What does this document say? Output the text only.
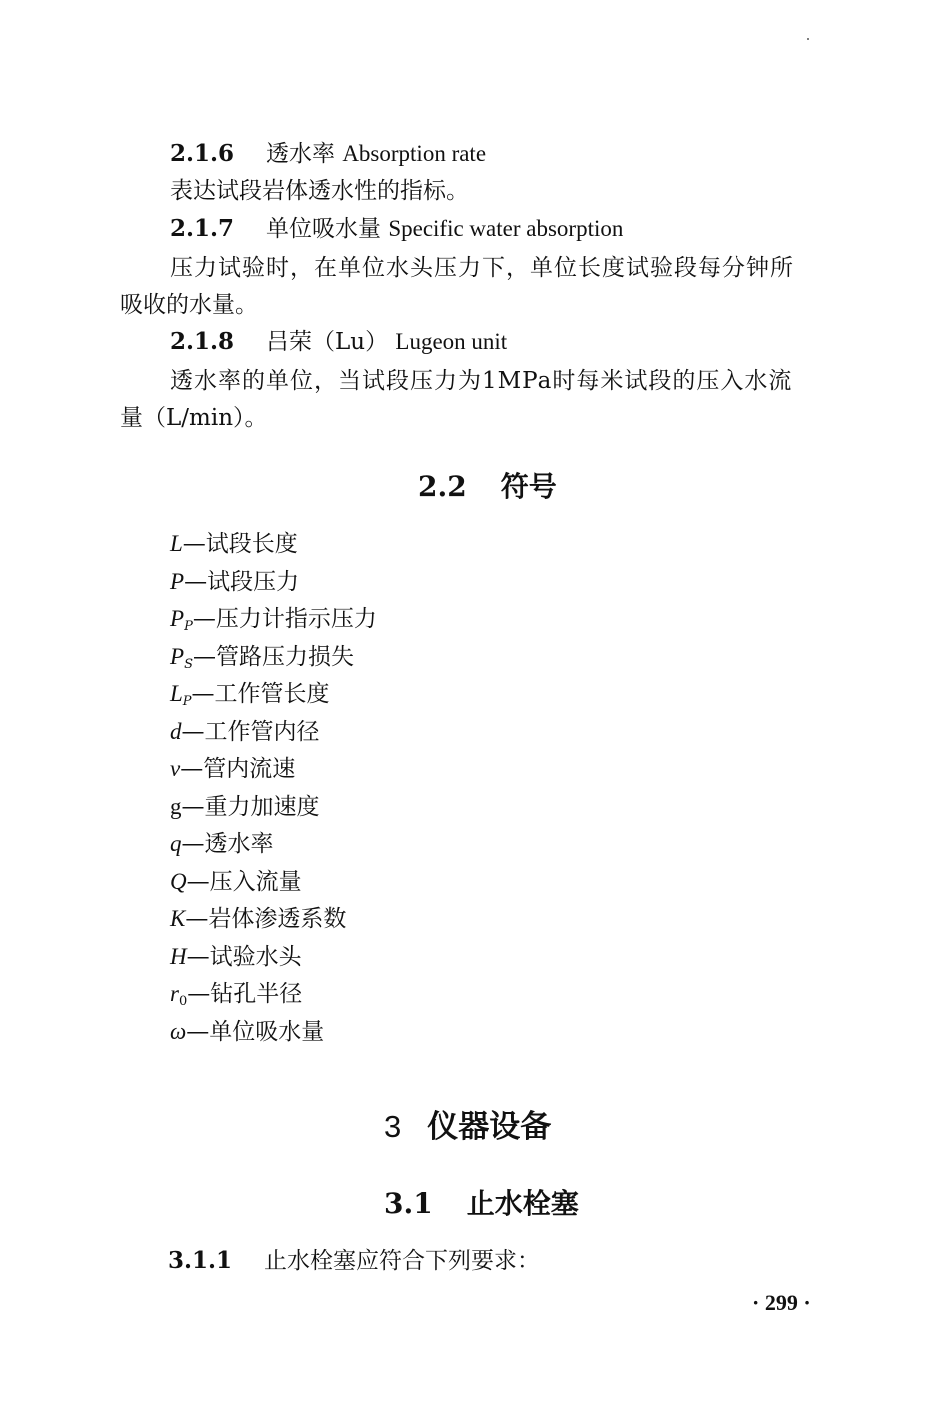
2.1.6 透水率 Absorption rate
表达试段岩体透水性的指标。
2.1.7 单位吸水量 Specific water absorption
压力试验时，在单位水头压力下，单位长度试验段每分钟所
吸收的水量。
2.1.8 吕荣（Lu） Lugeon unit
透水率的单位，当试段压力为1MPa时每米试段的压入水流
量（L/min）。
2.2 符号
L—试段长度
P—试段压力
$P_P—$压力计指示压力
$P_S—$管路压力损失
$L_P—$工作管长度
d—工作管内径
v—管内流速
g—重力加速度
q—透水率
Q—压入流量
K—岩体渗透系数
H—试验水头
r0—钻孔半径
ω—单位吸水量
3 仪器设备
3.1 止水栓塞
3.1.1 止水栓塞应符合下列要求：
· 299 ·
